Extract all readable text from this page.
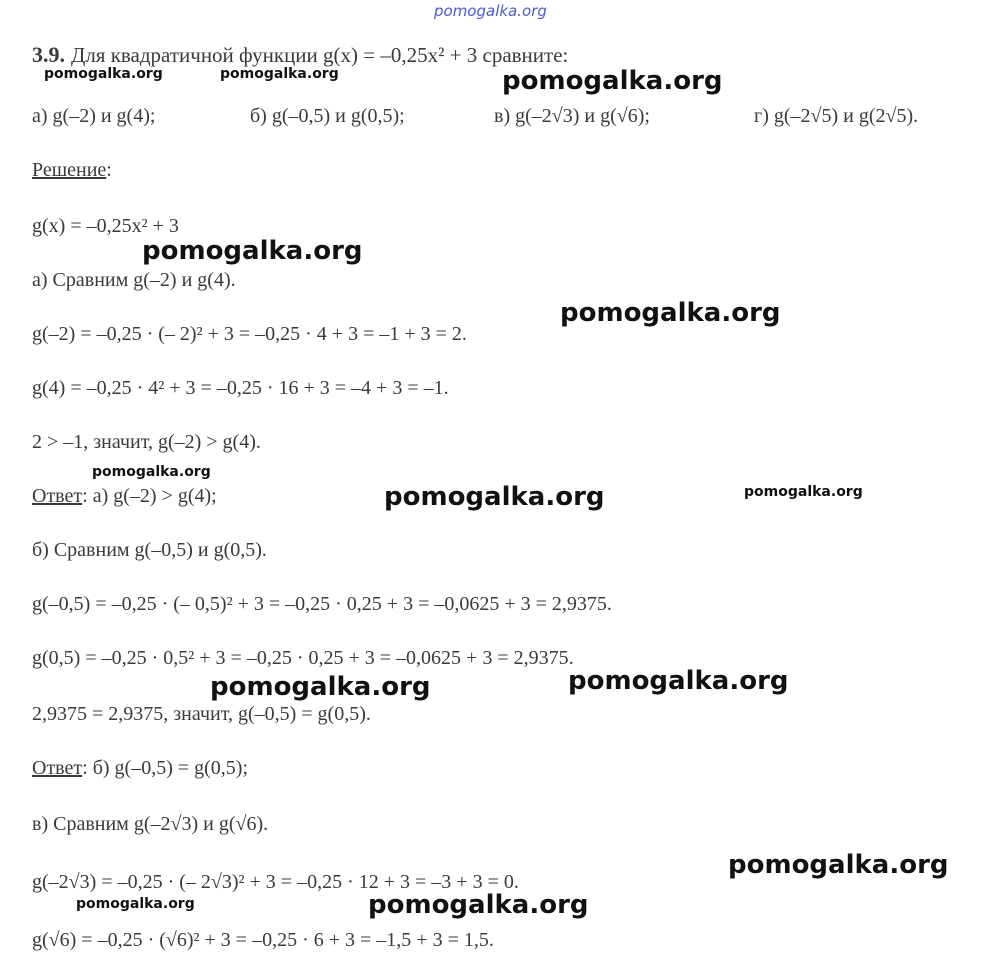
pomogalka.org
3.9. Для квадратичной функции g(x) = –0,25x² + 3 сравните:
pomogalka.org	pomogalka.org	pomogalka.org
а) g(–2) и g(4);	б) g(–0,5) и g(0,5);	в) g(–2√3) и g(√6);	г) g(–2√5) и g(2√5).
Решение:
g(x) = –0,25x² + 3
pomogalka.org
а) Сравним g(–2) и g(4).
pomogalka.org
g(–2) = –0,25 · (– 2)² + 3 = –0,25 · 4 + 3 = –1 + 3 = 2.
g(4) = –0,25 · 4² + 3 = –0,25 · 16 + 3 = –4 + 3 = –1.
2 > –1, значит, g(–2) > g(4).
pomogalka.org
Ответ: а) g(–2) > g(4);	pomogalka.org	pomogalka.org
б) Сравним g(–0,5) и g(0,5).
g(–0,5) = –0,25 · (– 0,5)² + 3 = –0,25 · 0,25 + 3 = –0,0625 + 3 = 2,9375.
g(0,5) = –0,25 · 0,5² + 3 = –0,25 · 0,25 + 3 = –0,0625 + 3 = 2,9375.
pomogalka.org	pomogalka.org
2,9375 = 2,9375, значит, g(–0,5) = g(0,5).
Ответ: б) g(–0,5) = g(0,5);
в) Сравним g(–2√3) и g(√6).
pomogalka.org
g(–2√3) = –0,25 · (– 2√3)² + 3 = –0,25 · 12 + 3 = –3 + 3 = 0.
pomogalka.org	pomogalka.org
g(√6) = –0,25 · (√6)² + 3 = –0,25 · 6 + 3 = –1,5 + 3 = 1,5.
